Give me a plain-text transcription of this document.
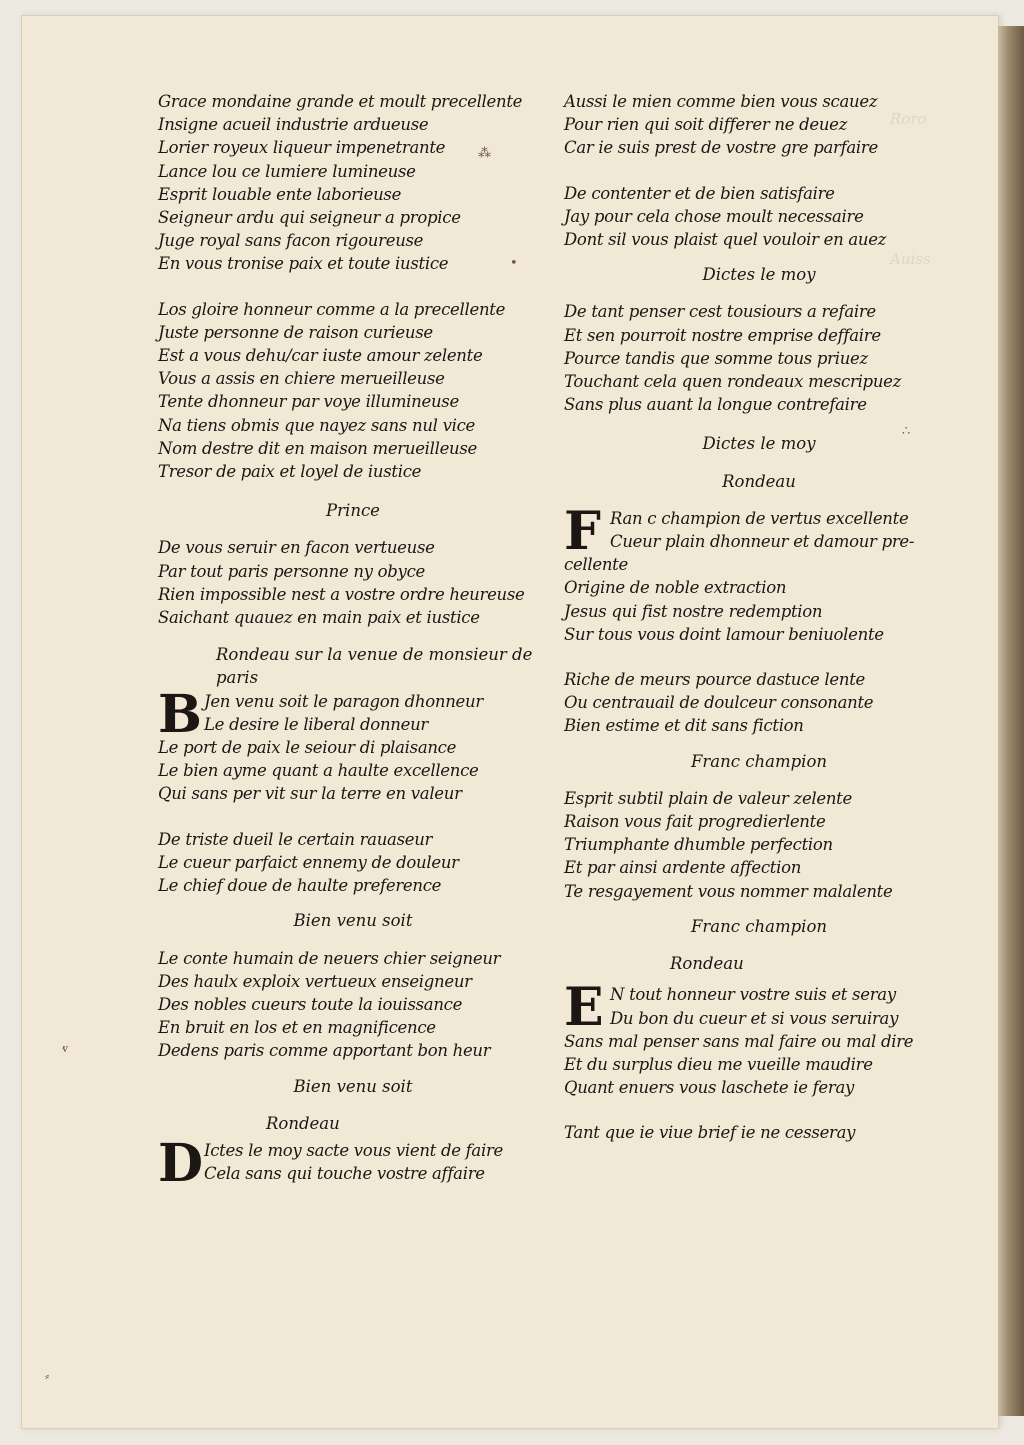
Roro
Auiss
⁂
•
ⱴ
⸗
∴
Grace mondaine grande et moult precellente
Insigne acueil industrie ardueuse
Lorier royeux liqueur impenetrante
Lance lou ce lumiere lumineuse
Esprit louable ente laborieuse
Seigneur ardu qui seigneur a propice
Juge royal sans facon rigoureuse
En vous tronise paix et toute iustice
Los gloire honneur comme a la precellente
Juste personne de raison curieuse
Est a vous dehu/car iuste amour zelente
Vous a assis en chiere merueilleuse
Tente dhonneur par voye illumineuse
Na tiens obmis que nayez sans nul vice
Nom destre dit en maison merueilleuse
Tresor de paix et loyel de iustice
Prince
De vous seruir en facon vertueuse
Par tout paris personne ny obyce
Rien impossible nest a vostre ordre heureuse
Saichant quauez en main paix et iustice
Rondeau sur la venue de monsieur de paris
B Jen venu soit le paragon dhonneur
Le desire le liberal donneur
Le port de paix le seiour di plaisance
Le bien ayme quant a haulte excellence
Qui sans per vit sur la terre en valeur
De triste dueil le certain rauaseur
Le cueur parfaict ennemy de douleur
Le chief doue de haulte preference
Bien venu soit
Le conte humain de neuers chier seigneur
Des haulx exploix vertueux enseigneur
Des nobles cueurs toute la iouissance
En bruit en los et en magnificence
Dedens paris comme apportant bon heur
Bien venu soit
Rondeau
D Ictes le moy sacte vous vient de faire
Cela sans qui touche vostre affaire
Aussi le mien comme bien vous scauez
Pour rien qui soit differer ne deuez
Car ie suis prest de vostre gre parfaire
De contenter et de bien satisfaire
Jay pour cela chose moult necessaire
Dont sil vous plaist quel vouloir en auez
Dictes le moy
De tant penser cest tousiours a refaire
Et sen pourroit nostre emprise deffaire
Pource tandis que somme tous priuez
Touchant cela quen rondeaux mescripuez
Sans plus auant la longue contrefaire
Dictes le moy
Rondeau
F Ran c champion de vertus excellente
Cueur plain dhonneur et damour pre-
cellente
Origine de noble extraction
Jesus qui fist nostre redemption
Sur tous vous doint lamour beniuolente
Riche de meurs pource dastuce lente
Ou centrauail de doulceur consonante
Bien estime et dit sans fiction
Franc champion
Esprit subtil plain de valeur zelente
Raison vous fait progredierlente
Triumphante dhumble perfection
Et par ainsi ardente affection
Te resgayement vous nommer malalente
Franc champion
Rondeau
E N tout honneur vostre suis et seray
Du bon du cueur et si vous seruiray
Sans mal penser sans mal faire ou mal dire
Et du surplus dieu me vueille maudire
Quant enuers vous laschete ie feray
Tant que ie viue brief ie ne cesseray
